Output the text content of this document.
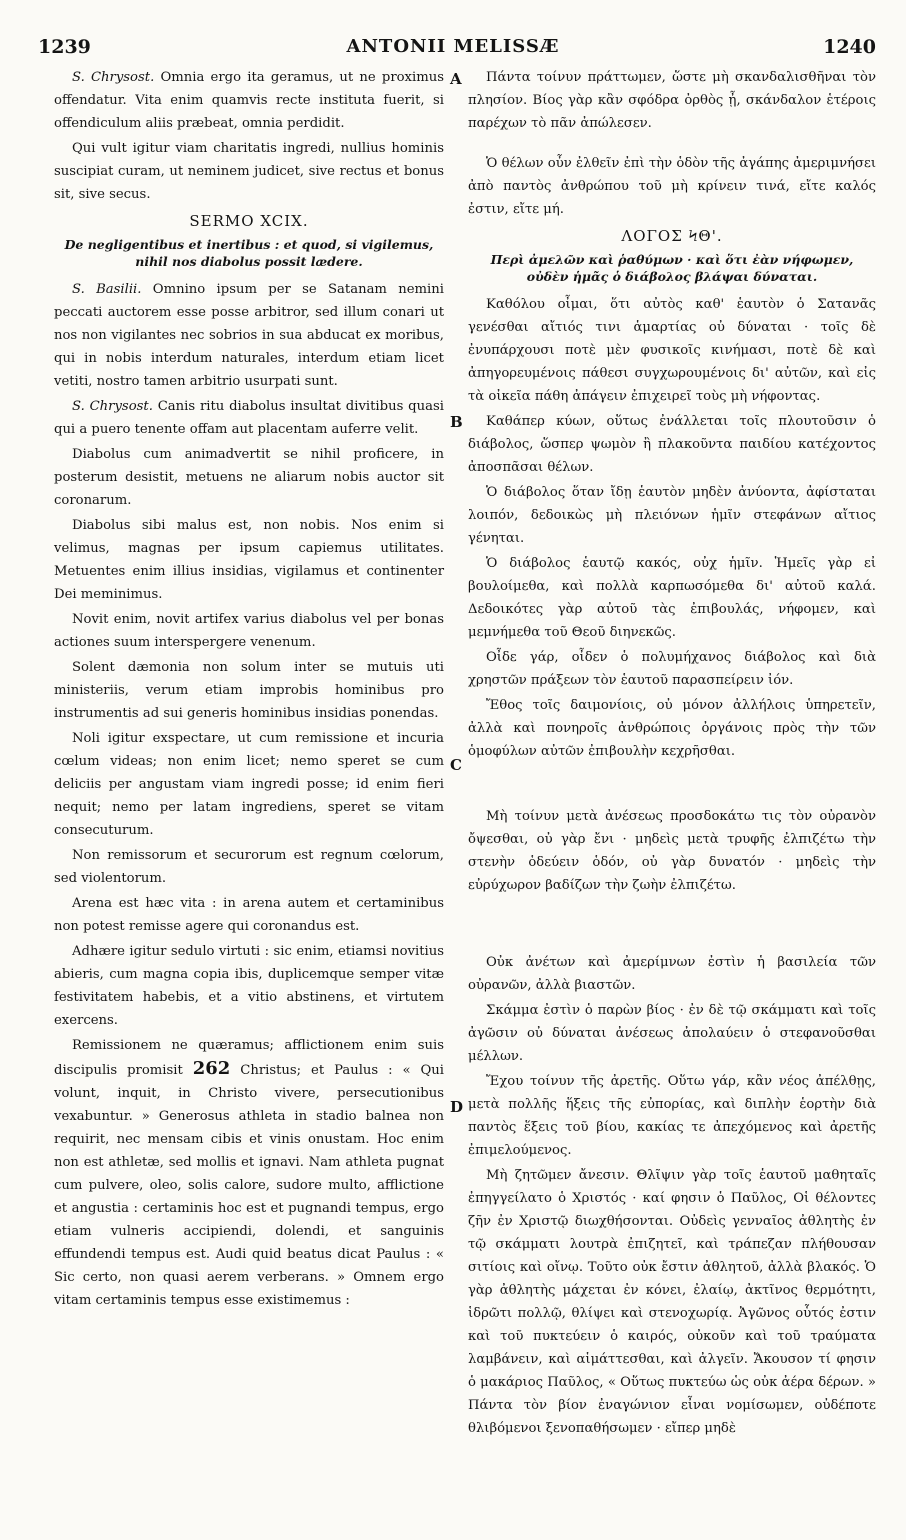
1239	ANTONII MELISSÆ	1240
A
B
C
D

S. Chrysost. Omnia ergo ita geramus, ut ne proximus offendatur. Vita enim quamvis recte instituta fuerit, si offendiculum aliis præbeat, omnia perdidit.

Qui vult igitur viam charitatis ingredi, nullius hominis suscipiat curam, ut neminem judicet, sive rectus et bonus sit, sive secus.

SERMO XCIX.

De negligentibus et inertibus : et quod, si vigilemus, nihil nos diabolus possit lædere.

S. Basilii. Omnino ipsum per se Satanam nemini peccati auctorem esse posse arbitror, sed illum conari ut nos non vigilantes nec sobrios in sua abducat ex moribus, qui in nobis interdum naturales, interdum etiam licet vetiti, nostro tamen arbitrio usurpati sunt.

S. Chrysost. Canis ritu diabolus insultat divitibus quasi qui a puero tenente offam aut placentam auferre velit.

Diabolus cum animadvertit se nihil proficere, in posterum desistit, metuens ne aliarum nobis auctor sit coronarum.

Diabolus sibi malus est, non nobis. Nos enim si velimus, magnas per ipsum capiemus utilitates. Metuentes enim illius insidias, vigilamus et continenter Dei meminimus.

Novit enim, novit artifex varius diabolus vel per bonas actiones suum interspergere venenum.

Solent dæmonia non solum inter se mutuis uti ministeriis, verum etiam improbis hominibus pro instrumentis ad sui generis hominibus insidias ponendas.

Noli igitur exspectare, ut cum remissione et incuria cœlum videas; non enim licet; nemo speret se cum deliciis per angustam viam ingredi posse; id enim fieri nequit; nemo per latam ingrediens, speret se vitam consecuturum.

Non remissorum et securorum est regnum cœlorum, sed violentorum.

Arena est hæc vita : in arena autem et certaminibus non potest remisse agere qui coronandus est.

Adhære igitur sedulo virtuti : sic enim, etiamsi novitius abieris, cum magna copia ibis, duplicemque semper vitæ festivitatem habebis, et a vitio abstinens, et virtutem exercens.

Remissionem ne quæramus; afflictionem enim suis discipulis promisit 262 Christus; et Paulus : « Qui volunt, inquit, in Christo vivere, persecutionibus vexabuntur. » Generosus athleta in stadio balnea non requirit, nec mensam cibis et vinis onustam. Hoc enim non est athletæ, sed mollis et ignavi. Nam athleta pugnat cum pulvere, oleo, solis calore, sudore multo, afflictione et angustia : certaminis hoc est et pugnandi tempus, ergo etiam vulneris accipiendi, dolendi, et sanguinis effundendi tempus est. Audi quid beatus dicat Paulus : « Sic certo, non quasi aerem verberans. » Omnem ergo vitam certaminis tempus esse existimemus :

Πάντα τοίνυν πράττωμεν, ὥστε μὴ σκανδαλισθῆναι τὸν πλησίον. Βίος γὰρ κἂν σφόδρα ὀρθὸς ᾖ, σκάνδαλον ἑτέροις παρέχων τὸ πᾶν ἀπώλεσεν.

Ὁ θέλων οὖν ἐλθεῖν ἐπὶ τὴν ὁδὸν τῆς ἀγάπης ἀμεριμνήσει ἀπὸ παντὸς ἀνθρώπου τοῦ μὴ κρίνειν τινά, εἴτε καλός ἐστιν, εἴτε μή.

ΛΟΓΟΣ ϞΘ'.

Περὶ ἀμελῶν καὶ ῥαθύμων · καὶ ὅτι ἐὰν νήφωμεν, οὐδὲν ἡμᾶς ὁ διάβολος βλάψαι δύναται.

Καθόλου οἶμαι, ὅτι αὐτὸς καθ' ἑαυτὸν ὁ Σατανᾶς γενέσθαι αἴτιός τινι ἁμαρτίας οὐ δύναται · τοῖς δὲ ἐνυπάρχουσι ποτὲ μὲν φυσικοῖς κινήμασι, ποτὲ δὲ καὶ ἀπηγορευμένοις πάθεσι συγχωρουμένοις δι' αὐτῶν, καὶ εἰς τὰ οἰκεῖα πάθη ἀπάγειν ἐπιχειρεῖ τοὺς μὴ νήφοντας.

Καθάπερ κύων, οὕτως ἐνάλλεται τοῖς πλουτοῦσιν ὁ διάβολος, ὥσπερ ψωμὸν ἢ πλακοῦντα παιδίου κατέχοντος ἀποσπᾶσαι θέλων.

Ὁ διάβολος ὅταν ἴδῃ ἑαυτὸν μηδὲν ἀνύοντα, ἀφίσταται λοιπόν, δεδοικὼς μὴ πλειόνων ἡμῖν στεφάνων αἴτιος γένηται.

Ὁ διάβολος ἑαυτῷ κακός, οὐχ ἡμῖν. Ἡμεῖς γὰρ εἰ βουλοίμεθα, καὶ πολλὰ καρπωσόμεθα δι' αὐτοῦ καλά. Δεδοικότες γὰρ αὐτοῦ τὰς ἐπιβουλάς, νήφομεν, καὶ μεμνήμεθα τοῦ Θεοῦ διηνεκῶς.

Οἶδε γάρ, οἶδεν ὁ πολυμήχανος διάβολος καὶ διὰ χρηστῶν πράξεων τὸν ἑαυτοῦ παρασπείρειν ἰόν.

Ἔθος τοῖς δαιμονίοις, οὐ μόνον ἀλλήλοις ὑπηρετεῖν, ἀλλὰ καὶ πονηροῖς ἀνθρώποις ὀργάνοις πρὸς τὴν τῶν ὁμοφύλων αὐτῶν ἐπιβουλὴν κεχρῆσθαι.

Μὴ τοίνυν μετὰ ἀνέσεως προσδοκάτω τις τὸν οὐρανὸν ὄψεσθαι, οὐ γὰρ ἔνι · μηδεὶς μετὰ τρυφῆς ἐλπιζέτω τὴν στενὴν ὁδεύειν ὁδόν, οὐ γὰρ δυνατόν · μηδεὶς τὴν εὐρύχωρον βαδίζων τὴν ζωὴν ἐλπιζέτω.

Οὐκ ἀνέτων καὶ ἀμερίμνων ἐστὶν ἡ βασιλεία τῶν οὐρανῶν, ἀλλὰ βιαστῶν.

Σκάμμα ἐστὶν ὁ παρὼν βίος · ἐν δὲ τῷ σκάμματι καὶ τοῖς ἀγῶσιν οὐ δύναται ἀνέσεως ἀπολαύειν ὁ στεφανοῦσθαι μέλλων.

Ἔχου τοίνυν τῆς ἀρετῆς. Οὕτω γάρ, κἂν νέος ἀπέλθῃς, μετὰ πολλῆς ἥξεις τῆς εὐπορίας, καὶ διπλὴν ἑορτὴν διὰ παντὸς ἕξεις τοῦ βίου, κακίας τε ἀπεχόμενος καὶ ἀρετῆς ἐπιμελούμενος.

Μὴ ζητῶμεν ἄνεσιν. Θλῖψιν γὰρ τοῖς ἑαυτοῦ μαθηταῖς ἐπηγγείλατο ὁ Χριστός · καί φησιν ὁ Παῦλος, Οἱ θέλοντες ζῆν ἐν Χριστῷ διωχθήσονται. Οὐδεὶς γενναῖος ἀθλητὴς ἐν τῷ σκάμματι λουτρὰ ἐπιζητεῖ, καὶ τράπεζαν πλήθουσαν σιτίοις καὶ οἴνῳ. Τοῦτο οὐκ ἔστιν ἀθλητοῦ, ἀλλὰ βλακός. Ὁ γὰρ ἀθλητὴς μάχεται ἐν κόνει, ἐλαίῳ, ἀκτῖνος θερμότητι, ἱδρῶτι πολλῷ, θλίψει καὶ στενοχωρίᾳ. Ἀγῶνος οὗτός ἐστιν καὶ τοῦ πυκτεύειν ὁ καιρός, οὐκοῦν καὶ τοῦ τραύματα λαμβάνειν, καὶ αἱμάττεσθαι, καὶ ἀλγεῖν. Ἄκουσον τί φησιν ὁ μακάριος Παῦλος, « Οὕτως πυκτεύω ὡς οὐκ ἀέρα δέρων. » Πάντα τὸν βίον ἐναγώνιον εἶναι νομίσωμεν, οὐδέποτε θλιβόμενοι ξενοπαθήσωμεν · εἴπερ μηδὲ
